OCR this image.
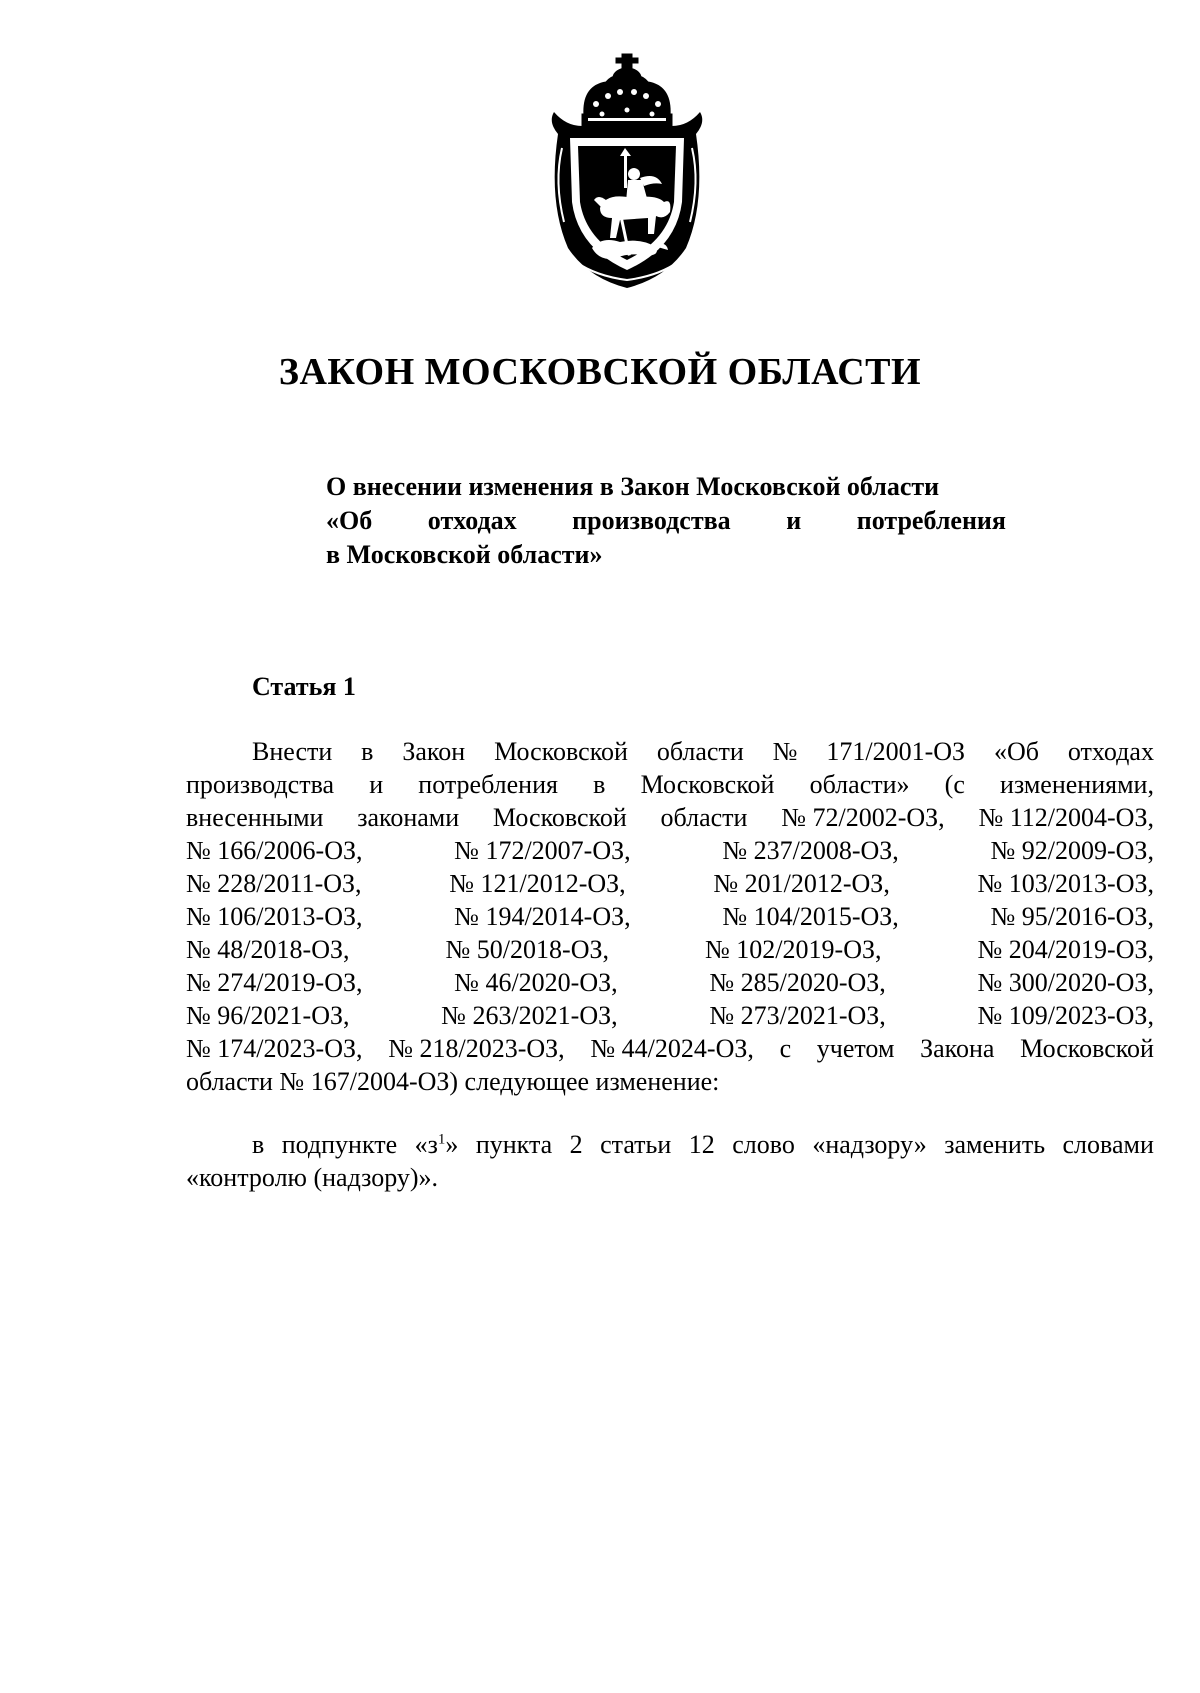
ЗАКОН МОСКОВСКОЙ ОБЛАСТИ
О внесении изменения в Закон Московской области
«Об отходах производства и потребления
в Московской области»
Статья 1
Внести в Закон Московской области № 171/2001-ОЗ «Об отходах
производства и потребления в Московской области» (с изменениями,
внесенными законами Московской области № 72/2002-ОЗ, № 112/2004-ОЗ,
№ 166/2006-ОЗ,	№ 172/2007-ОЗ,	№ 237/2008-ОЗ,	№ 92/2009-ОЗ,
№ 228/2011-ОЗ,	№ 121/2012-ОЗ,	№ 201/2012-ОЗ,	№ 103/2013-ОЗ,
№ 106/2013-ОЗ,	№ 194/2014-ОЗ,	№ 104/2015-ОЗ,	№ 95/2016-ОЗ,
№ 48/2018-ОЗ,	№ 50/2018-ОЗ,	№ 102/2019-ОЗ,	№ 204/2019-ОЗ,
№ 274/2019-ОЗ,	№ 46/2020-ОЗ,	№ 285/2020-ОЗ,	№ 300/2020-ОЗ,
№ 96/2021-ОЗ,	№ 263/2021-ОЗ,	№ 273/2021-ОЗ,	№ 109/2023-ОЗ,
№ 174/2023-ОЗ, № 218/2023-ОЗ, № 44/2024-ОЗ, с учетом Закона Московской
области № 167/2004-ОЗ) следующее изменение:
в подпункте «$з^1$» пункта 2 статьи 12 слово «надзору» заменить словами
«контролю (надзору)».
